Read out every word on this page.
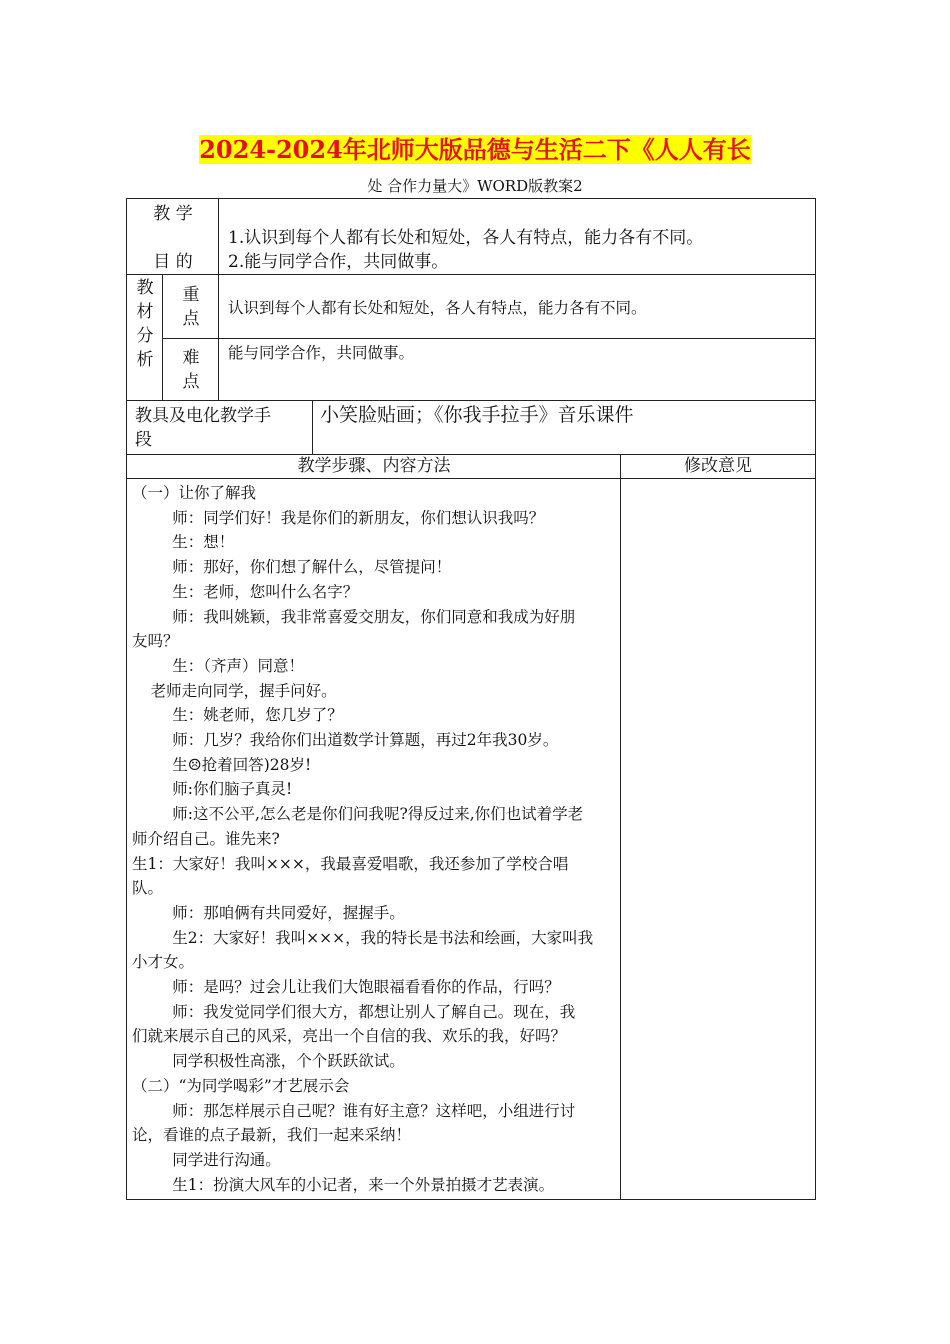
2024-2024年北师大版品德与生活二下《人人有长
处 合作力量大》WORD版教案2
教 学
目 的
1.认识到每个人都有长处和短处，各人有特点，能力各有不同。
2.能与同学合作，共同做事。
教
材
分
析
重
点
认识到每个人都有长处和短处，各人有特点，能力各有不同。
难
点
能与同学合作，共同做事。
教具及电化教学手
段
小笑脸贴画；《你我手拉手》音乐课件
教学步骤、内容方法	修改意见

（一）让你了解我

师：同学们好！我是你们的新朋友，你们想认识我吗？

生：想！

师：那好，你们想了解什么，尽管提问！

生：老师，您叫什么名字？

师：我叫姚颖，我非常喜爱交朋友，你们同意和我成为好朋

友吗？

生：（齐声）同意！

老师走向同学，握手问好。

生：姚老师，您几岁了？

师：几岁？我给你们出道数学计算题，再过2年我30岁。

生☹抢着回答)28岁!

师:你们脑子真灵!

师:这不公平,怎么老是你们问我呢?得反过来,你们也试着学老

师介绍自己。谁先来?

生1：大家好！我叫×××，我最喜爱唱歌，我还参加了学校合唱

队。

师：那咱俩有共同爱好，握握手。

生2：大家好！我叫×××，我的特长是书法和绘画，大家叫我

小才女。

师：是吗？过会儿让我们大饱眼福看看你的作品，行吗？

师：我发觉同学们很大方，都想让别人了解自己。现在，我

们就来展示自己的风采，亮出一个自信的我、欢乐的我，好吗？

同学积极性高涨，个个跃跃欲试。

（二）“为同学喝彩”才艺展示会

师：那怎样展示自己呢？谁有好主意？这样吧，小组进行讨

论，看谁的点子最新，我们一起来采纳！

同学进行沟通。

生1：扮演大风车的小记者，来一个外景拍摄才艺表演。
